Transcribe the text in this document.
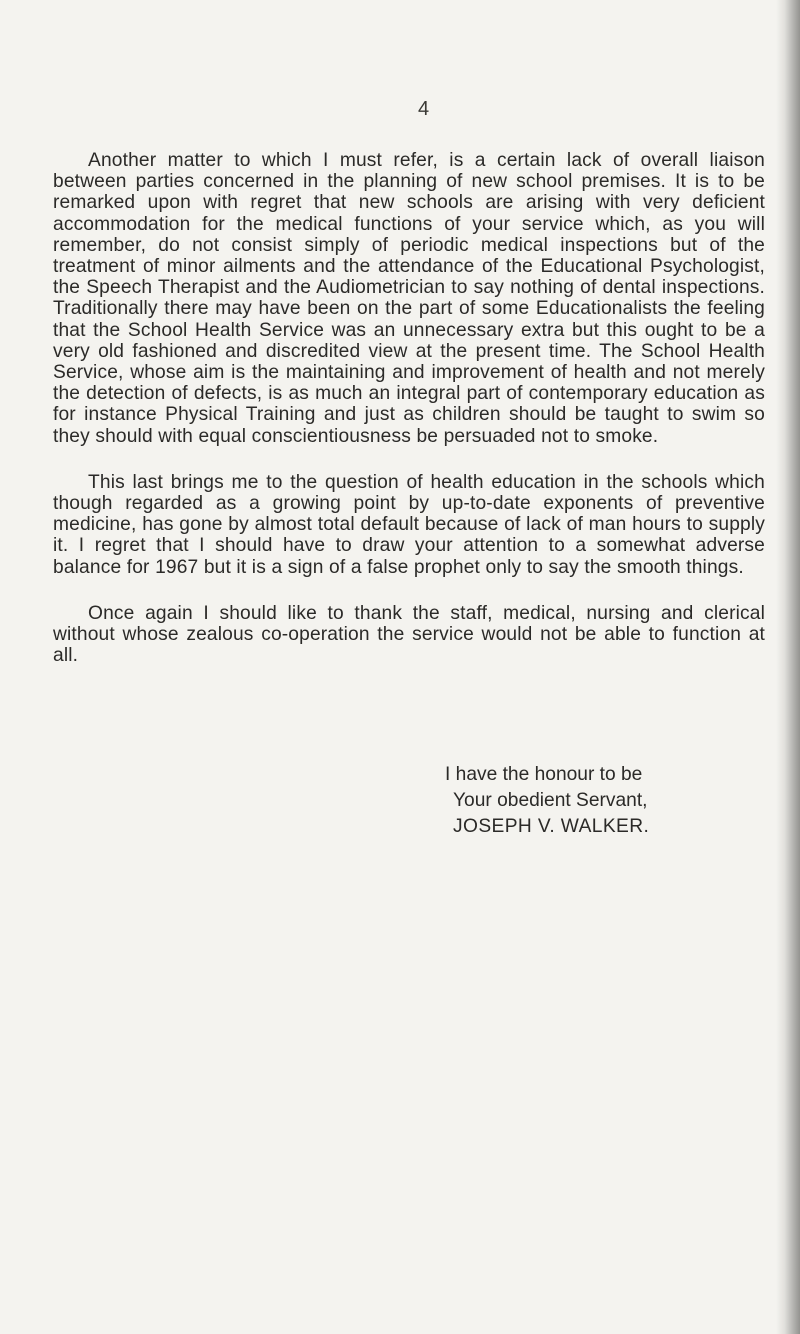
4

Another matter to which I must refer, is a certain lack of overall liaison between parties concerned in the planning of new school premises. It is to be remarked upon with regret that new schools are arising with very deficient accommodation for the medical functions of your service which, as you will remember, do not consist simply of periodic medical inspections but of the treatment of minor ailments and the attendance of the Educational Psychologist, the Speech Therapist and the Audiometrician to say nothing of dental inspections. Traditionally there may have been on the part of some Educationalists the feeling that the School Health Service was an unnecessary extra but this ought to be a very old fashioned and discredited view at the present time. The School Health Service, whose aim is the maintaining and improvement of health and not merely the detection of defects, is as much an integral part of contemporary education as for instance Physical Training and just as children should be taught to swim so they should with equal conscientiousness be persuaded not to smoke.

This last brings me to the question of health education in the schools which though regarded as a growing point by up-to-date exponents of preventive medicine, has gone by almost total default because of lack of man hours to supply it. I regret that I should have to draw your attention to a somewhat adverse balance for 1967 but it is a sign of a false prophet only to say the smooth things.

Once again I should like to thank the staff, medical, nursing and clerical without whose zealous co-operation the service would not be able to function at all.

I have the honour to be
Your obedient Servant,
JOSEPH V. WALKER.
